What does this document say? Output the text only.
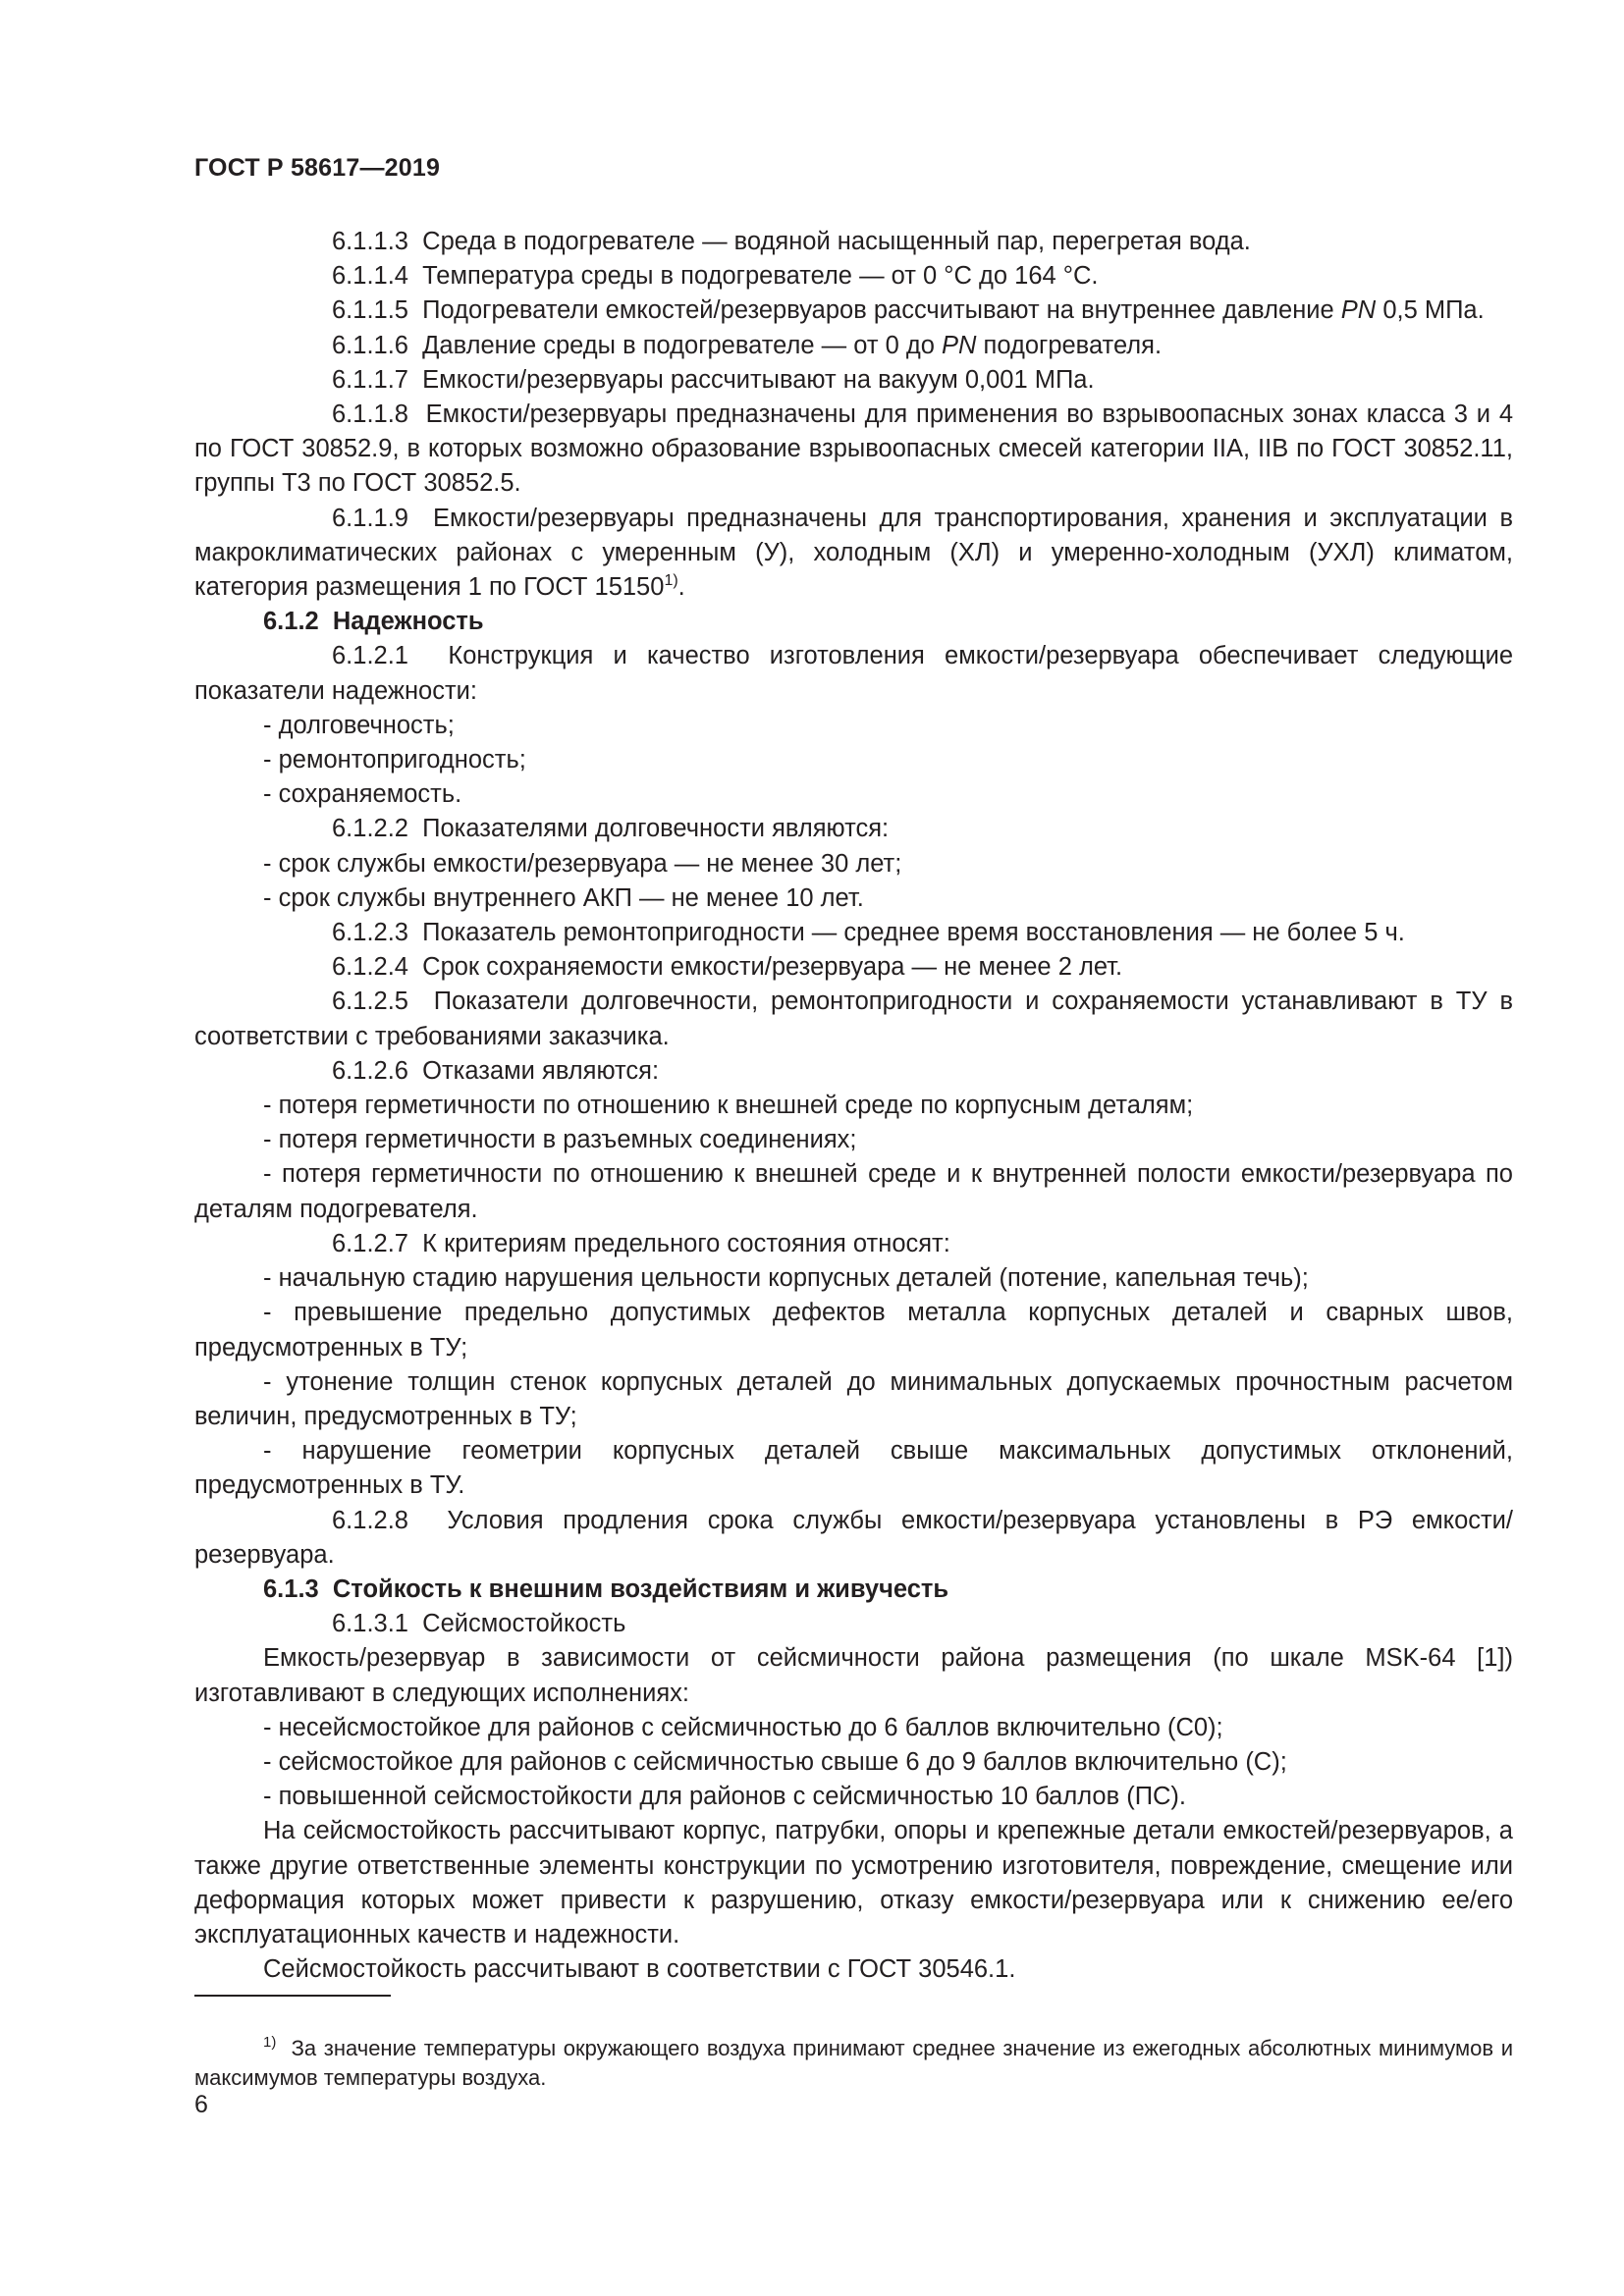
ГОСТ Р 58617—2019

6.1.1.3 Среда в подогревателе — водяной насыщенный пар, перегретая вода.

6.1.1.4 Температура среды в подогревателе — от 0 °С до 164 °С.

6.1.1.5 Подогреватели емкостей/резервуаров рассчитывают на внутреннее давление PN 0,5 МПа.

6.1.1.6 Давление среды в подогревателе — от 0 до PN подогревателя.

6.1.1.7 Емкости/резервуары рассчитывают на вакуум 0,001 МПа.

6.1.1.8 Емкости/резервуары предназначены для применения во взрывоопасных зонах класса 3 и 4 по ГОСТ 30852.9, в которых возможно образование взрывоопасных смесей категории IIA, IIB по ГОСТ 30852.11, группы Т3 по ГОСТ 30852.5.

6.1.1.9 Емкости/резервуары предназначены для транспортирования, хранения и эксплуатации в макроклиматических районах с умеренным (У), холодным (ХЛ) и умеренно-холодным (УХЛ) климатом, категория размещения 1 по ГОСТ 15150$^{1)}$.

6.1.2 Надежность

6.1.2.1 Конструкция и качество изготовления емкости/резервуара обеспечивает следующие показатели надежности:

- долговечность;

- ремонтопригодность;

- сохраняемость.

6.1.2.2 Показателями долговечности являются:

- срок службы емкости/резервуара — не менее 30 лет;

- срок службы внутреннего АКП — не менее 10 лет.

6.1.2.3 Показатель ремонтопригодности — среднее время восстановления — не более 5 ч.

6.1.2.4 Срок сохраняемости емкости/резервуара — не менее 2 лет.

6.1.2.5 Показатели долговечности, ремонтопригодности и сохраняемости устанавливают в ТУ в соответствии с требованиями заказчика.

6.1.2.6 Отказами являются:

- потеря герметичности по отношению к внешней среде по корпусным деталям;

- потеря герметичности в разъемных соединениях;

- потеря герметичности по отношению к внешней среде и к внутренней полости емкости/резервуара по деталям подогревателя.

6.1.2.7 К критериям предельного состояния относят:

- начальную стадию нарушения цельности корпусных деталей (потение, капельная течь);

- превышение предельно допустимых дефектов металла корпусных деталей и сварных швов, предусмотренных в ТУ;

- утонение толщин стенок корпусных деталей до минимальных допускаемых прочностным расчетом величин, предусмотренных в ТУ;

- нарушение геометрии корпусных деталей свыше максимальных допустимых отклонений, предусмотренных в ТУ.

6.1.2.8 Условия продления срока службы емкости/резервуара установлены в РЭ емкости/резервуара.

6.1.3 Стойкость к внешним воздействиям и живучесть

6.1.3.1 Сейсмостойкость

Емкость/резервуар в зависимости от сейсмичности района размещения (по шкале MSK-64 [1]) изготавливают в следующих исполнениях:

- несейсмостойкое для районов с сейсмичностью до 6 баллов включительно (С0);

- сейсмостойкое для районов с сейсмичностью свыше 6 до 9 баллов включительно (С);

- повышенной сейсмостойкости для районов с сейсмичностью 10 баллов (ПС).

На сейсмостойкость рассчитывают корпус, патрубки, опоры и крепежные детали емкостей/резервуаров, а также другие ответственные элементы конструкции по усмотрению изготовителя, повреждение, смещение или деформация которых может привести к разрушению, отказу емкости/резервуара или к снижению ее/его эксплуатационных качеств и надежности.

Сейсмостойкость рассчитывают в соответствии с ГОСТ 30546.1.

$^{1)}$ За значение температуры окружающего воздуха принимают среднее значение из ежегодных абсолютных минимумов и максимумов температуры воздуха.

6
